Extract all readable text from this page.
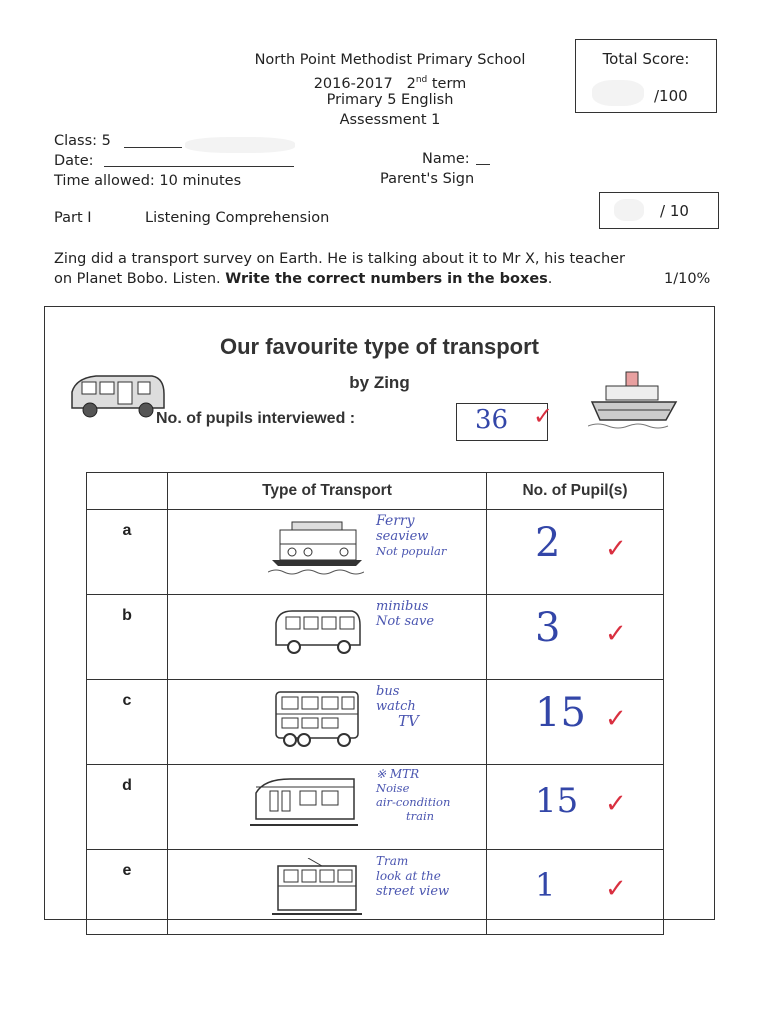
North Point Methodist Primary School
2016-2017 2nd term
Primary 5 English
Assessment 1
Total Score:
/100
Class: 5
Date:
Time allowed: 10 minutes
Name:
Parent's Sign
Part I	Listening Comprehension	/ 10
Zing did a transport survey on Earth. He is talking about it to Mr X, his teacher
on Planet Bobo. Listen. Write the correct numbers in the boxes.	1/10%
Our favourite type of transport
by Zing
No. of pupils interviewed :	36 ✓
	Type of Transport	No. of Pupil(s)
a	Ferry
seaview
Not popular	2 ✓

b	minibus
Not save	3 ✓

c	bus
watch
TV	15 ✓

d	※ MTR
Noise
air-condition
train	15 ✓

e	Tram
look at the
street view	1 ✓
